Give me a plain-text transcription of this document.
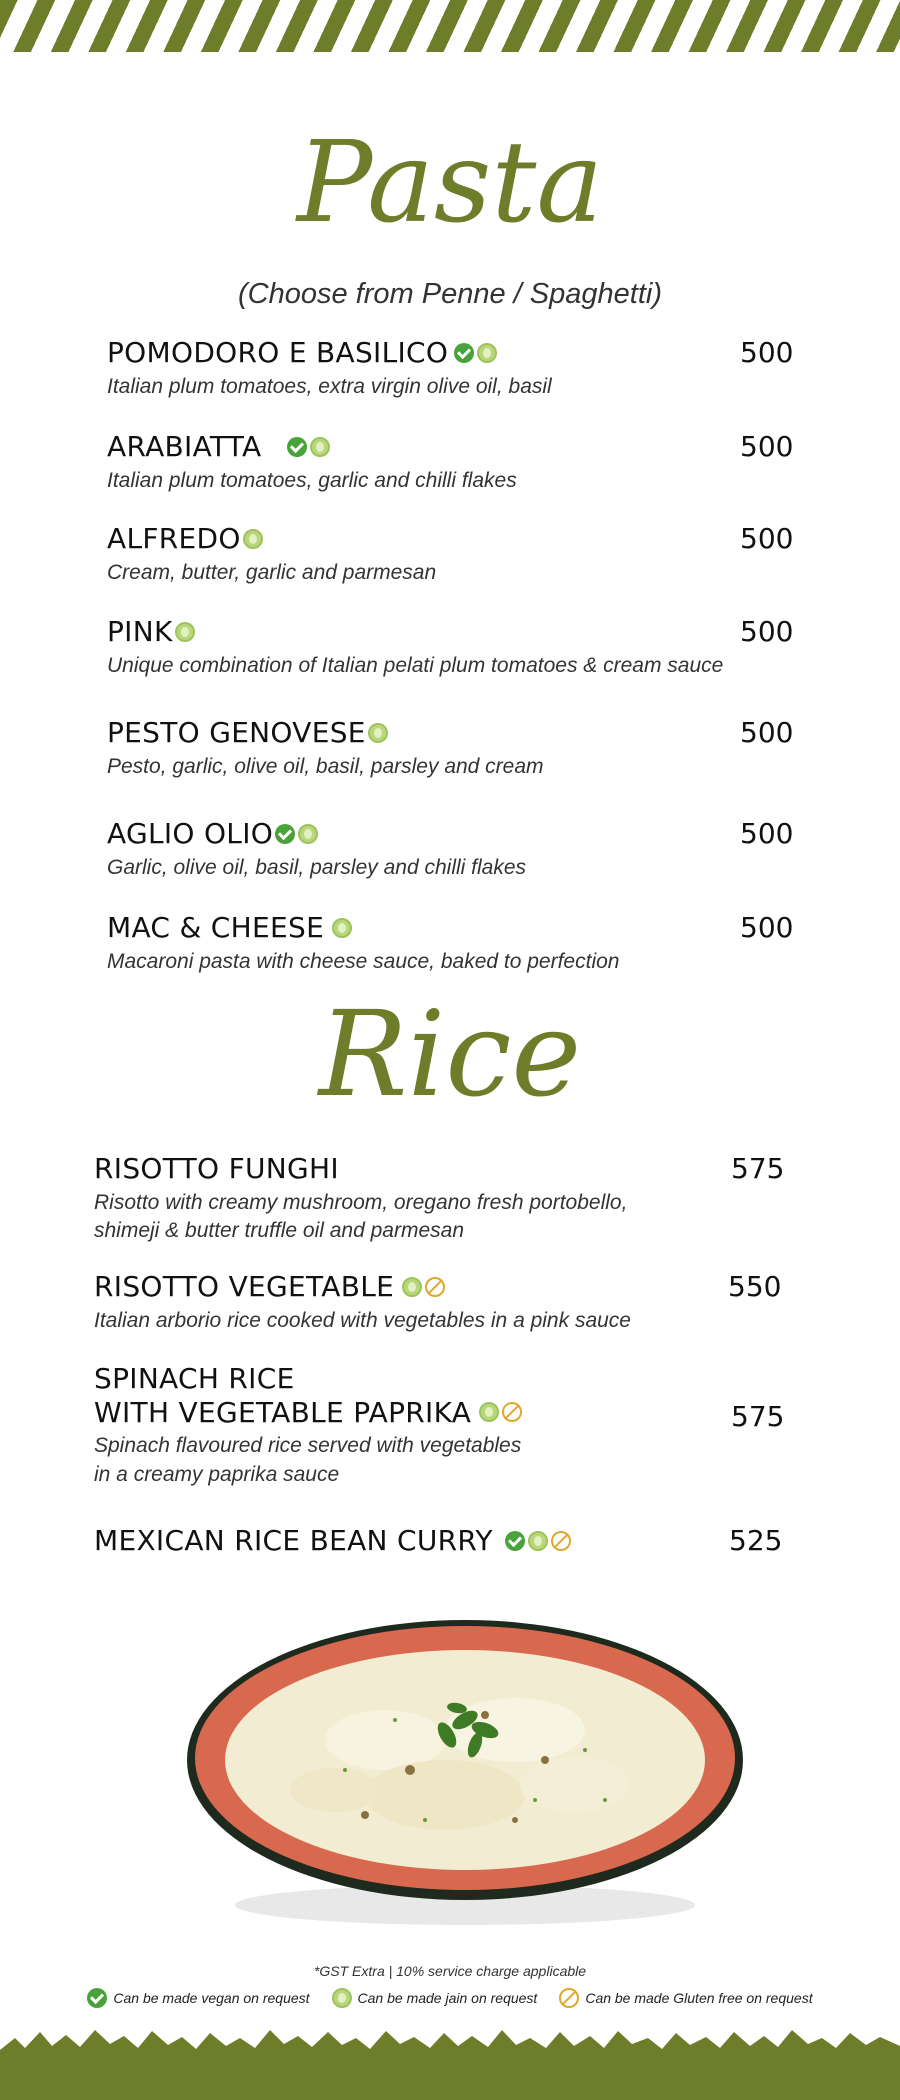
Pasta
(Choose from Penne / Spaghetti)
POMODORO E BASILICO
Italian plum tomatoes, extra virgin olive oil, basil
500
ARABIATTA
Italian plum tomatoes, garlic and chilli flakes
500
ALFREDO
Cream, butter, garlic and parmesan
500
PINK
Unique combination of Italian pelati plum tomatoes & cream sauce
500
PESTO GENOVESE
Pesto, garlic, olive oil, basil, parsley and cream
500
AGLIO OLIO
Garlic, olive oil, basil, parsley and chilli flakes
500
MAC & CHEESE
Macaroni pasta with cheese sauce, baked to perfection
500
Rice
RISOTTO FUNGHI
Risotto with creamy mushroom, oregano fresh portobello,
shimeji & butter truffle oil and parmesan
575
RISOTTO VEGETABLE
Italian arborio rice cooked with vegetables in a pink sauce
550
SPINACH RICE
WITH VEGETABLE PAPRIKA
Spinach flavoured rice served with vegetables
in a creamy paprika sauce
575
MEXICAN RICE BEAN CURRY	525
*GST Extra | 10% service charge applicable
Can be made vegan on request	Can be made jain on request	Can be made Gluten free on request
